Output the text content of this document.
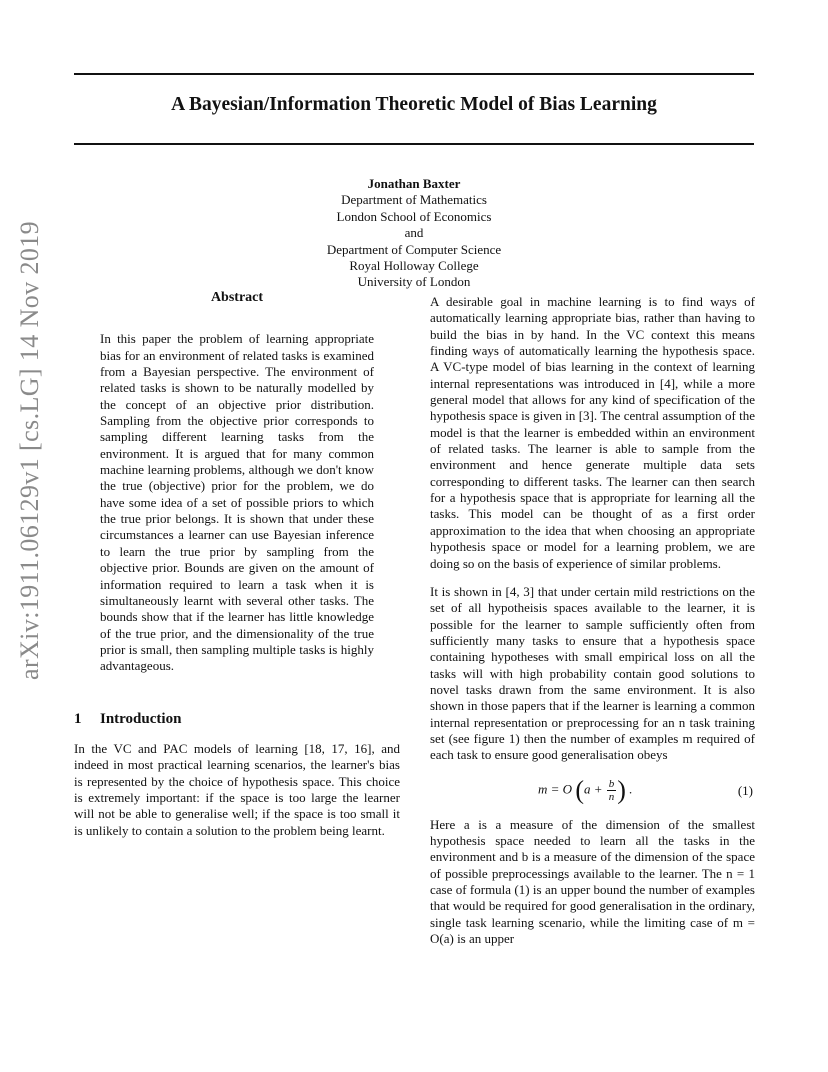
arXiv:1911.06129v1 [cs.LG] 14 Nov 2019
A Bayesian/Information Theoretic Model of Bias Learning
Jonathan Baxter
Department of Mathematics
London School of Economics
and
Department of Computer Science
Royal Holloway College
University of London
Abstract

In this paper the problem of learning appropriate bias for an environment of related tasks is examined from a Bayesian perspective. The environment of related tasks is shown to be naturally modelled by the concept of an objective prior distribution. Sampling from the objective prior corresponds to sampling different learning tasks from the environment. It is argued that for many common machine learning problems, although we don't know the true (objective) prior for the problem, we do have some idea of a set of possible priors to which the true prior belongs. It is shown that under these circumstances a learner can use Bayesian inference to learn the true prior by sampling from the objective prior. Bounds are given on the amount of information required to learn a task when it is simultaneously learnt with several other tasks. The bounds show that if the learner has little knowledge of the true prior, and the dimensionality of the true prior is small, then sampling multiple tasks is highly advantageous.

1 Introduction

In the VC and PAC models of learning [18, 17, 16], and indeed in most practical learning scenarios, the learner's bias is represented by the choice of hypothesis space. This choice is extremely important: if the space is too large the learner will not be able to generalise well; if the space is too small it is unlikely to contain a solution to the problem being learnt.

A desirable goal in machine learning is to find ways of automatically learning appropriate bias, rather than having to build the bias in by hand. In the VC context this means finding ways of automatically learning the hypothesis space. A VC-type model of bias learning in the context of learning internal representations was introduced in [4], while a more general model that allows for any kind of specification of the hypothesis space is given in [3]. The central assumption of the model is that the learner is embedded within an environment of related tasks. The learner is able to sample from the environment and hence generate multiple data sets corresponding to different tasks. The learner can then search for a hypothesis space that is appropriate for learning all the tasks. This model can be thought of as a first order approximation to the idea that when choosing an appropriate hypothesis space or model for a learning problem, we are doing so on the basis of experience of similar problems.

It is shown in [4, 3] that under certain mild restrictions on the set of all hypotheisis spaces available to the learner, it is possible for the learner to sample sufficiently often from sufficiently many tasks to ensure that a hypothesis space containing hypotheses with small empirical loss on all the tasks will with high probability contain good solutions to novel tasks drawn from the same environment. It is also shown in those papers that if the learner is learning a common internal representation or preprocessing for an n task training set (see figure 1) then the number of examples m required of each task to ensure good generalisation obeys

m = O ($a + \frac{b}{n}$ ) .	(1)

Here a is a measure of the dimension of the smallest hypothesis space needed to learn all the tasks in the environment and b is a measure of the dimension of the space of possible preprocessings available to the learner. The n = 1 case of formula (1) is an upper bound the number of examples that would be required for good generalisation in the ordinary, single task learning scenario, while the limiting case of m = O(a) is an upper
